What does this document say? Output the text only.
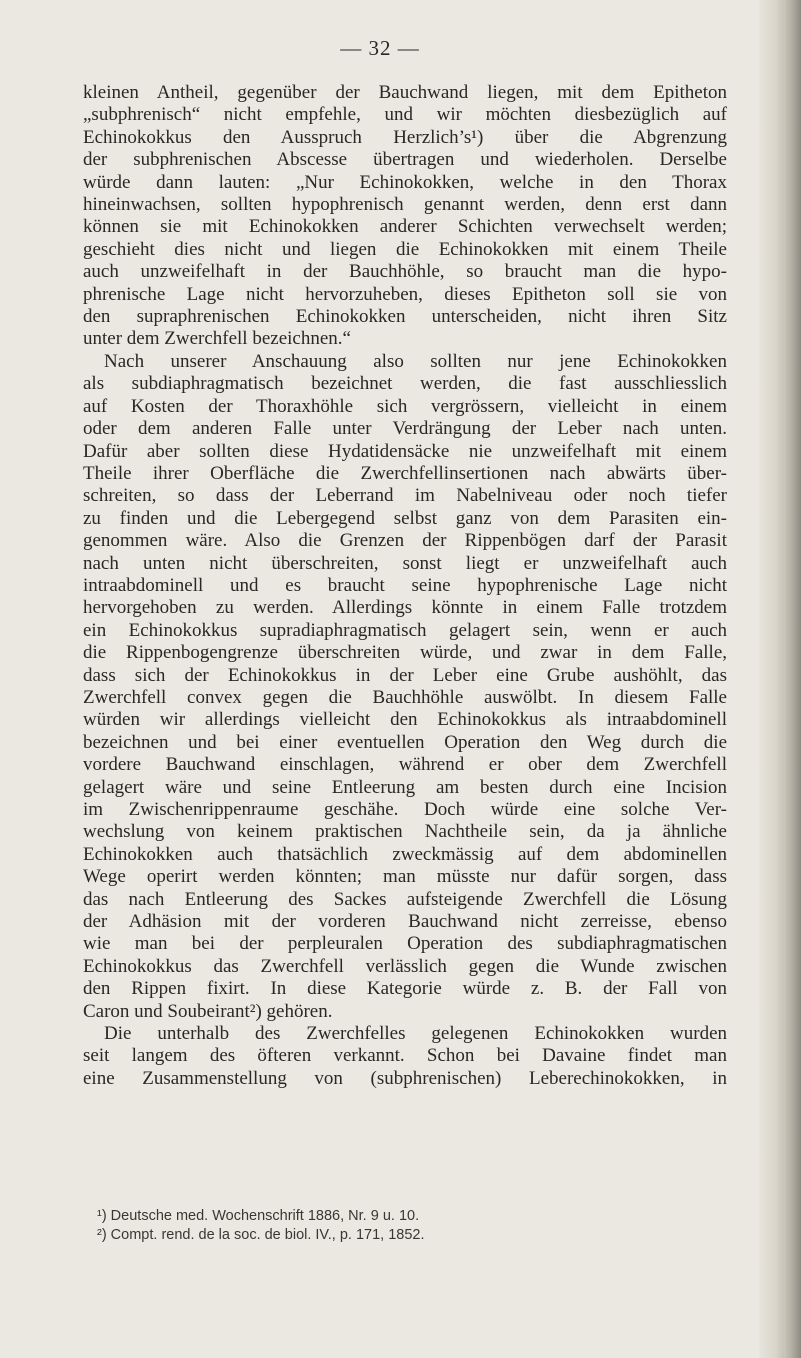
— 32 —
kleinen Antheil, gegenüber der Bauchwand liegen, mit dem Epitheton
„subphrenisch“ nicht empfehle, und wir möchten diesbezüglich auf
Echinokokkus den Ausspruch Herzlich’s¹) über die Abgrenzung
der subphrenischen Abscesse übertragen und wiederholen. Derselbe
würde dann lauten: „Nur Echinokokken, welche in den Thorax
hineinwachsen, sollten hypophrenisch genannt werden, denn erst dann
können sie mit Echinokokken anderer Schichten verwechselt werden;
geschieht dies nicht und liegen die Echinokokken mit einem Theile
auch unzweifelhaft in der Bauchhöhle, so braucht man die hypo-
phrenische Lage nicht hervorzuheben, dieses Epitheton soll sie von
den supraphrenischen Echinokokken unterscheiden, nicht ihren Sitz
unter dem Zwerchfell bezeichnen.“
Nach unserer Anschauung also sollten nur jene Echinokokken
als subdiaphragmatisch bezeichnet werden, die fast ausschliesslich
auf Kosten der Thoraxhöhle sich vergrössern, vielleicht in einem
oder dem anderen Falle unter Verdrängung der Leber nach unten.
Dafür aber sollten diese Hydatidensäcke nie unzweifelhaft mit einem
Theile ihrer Oberfläche die Zwerchfellinsertionen nach abwärts über-
schreiten, so dass der Leberrand im Nabelniveau oder noch tiefer
zu finden und die Lebergegend selbst ganz von dem Parasiten ein-
genommen wäre. Also die Grenzen der Rippenbögen darf der Parasit
nach unten nicht überschreiten, sonst liegt er unzweifelhaft auch
intraabdominell und es braucht seine hypophrenische Lage nicht
hervorgehoben zu werden. Allerdings könnte in einem Falle trotzdem
ein Echinokokkus supradiaphragmatisch gelagert sein, wenn er auch
die Rippenbogengrenze überschreiten würde, und zwar in dem Falle,
dass sich der Echinokokkus in der Leber eine Grube aushöhlt, das
Zwerchfell convex gegen die Bauchhöhle auswölbt. In diesem Falle
würden wir allerdings vielleicht den Echinokokkus als intraabdominell
bezeichnen und bei einer eventuellen Operation den Weg durch die
vordere Bauchwand einschlagen, während er ober dem Zwerchfell
gelagert wäre und seine Entleerung am besten durch eine Incision
im Zwischenrippenraume geschähe. Doch würde eine solche Ver-
wechslung von keinem praktischen Nachtheile sein, da ja ähnliche
Echinokokken auch thatsächlich zweckmässig auf dem abdominellen
Wege operirt werden könnten; man müsste nur dafür sorgen, dass
das nach Entleerung des Sackes aufsteigende Zwerchfell die Lösung
der Adhäsion mit der vorderen Bauchwand nicht zerreisse, ebenso
wie man bei der perpleuralen Operation des subdiaphragmatischen
Echinokokkus das Zwerchfell verlässlich gegen die Wunde zwischen
den Rippen fixirt. In diese Kategorie würde z. B. der Fall von
Caron und Soubeirant²) gehören.
Die unterhalb des Zwerchfelles gelegenen Echinokokken wurden
seit langem des öfteren verkannt. Schon bei Davaine findet man
eine Zusammenstellung von (subphrenischen) Leberechinokokken, in
¹) Deutsche med. Wochenschrift 1886, Nr. 9 u. 10.
²) Compt. rend. de la soc. de biol. IV., p. 171, 1852.
